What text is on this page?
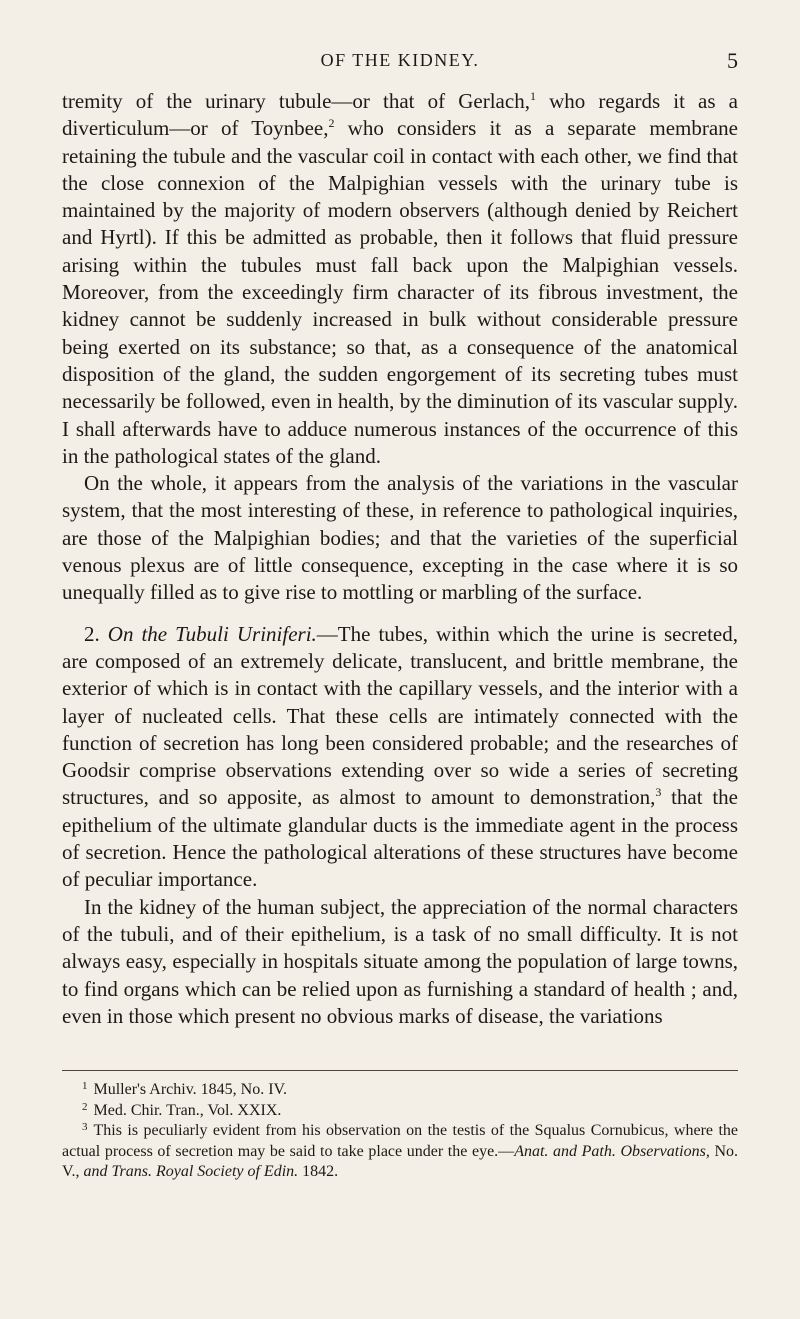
OF THE KIDNEY.	5

tremity of the urinary tubule—or that of Gerlach,$^1$ who regards it as a diverticulum—or of Toynbee,$^2$ who considers it as a separate membrane retaining the tubule and the vascular coil in contact with each other, we find that the close connexion of the Malpighian vessels with the urinary tube is maintained by the majority of modern observers (although denied by Reichert and Hyrtl). If this be admitted as probable, then it follows that fluid pressure arising within the tubules must fall back upon the Malpighian vessels. Moreover, from the exceedingly firm character of its fibrous investment, the kidney cannot be suddenly increased in bulk without considerable pressure being exerted on its substance; so that, as a consequence of the anatomical disposition of the gland, the sudden engorgement of its secreting tubes must necessarily be followed, even in health, by the diminution of its vascular supply. I shall afterwards have to adduce numerous instances of the occurrence of this in the pathological states of the gland.

On the whole, it appears from the analysis of the variations in the vascular system, that the most interesting of these, in reference to pathological inquiries, are those of the Malpighian bodies; and that the varieties of the superficial venous plexus are of little consequence, excepting in the case where it is so unequally filled as to give rise to mottling or marbling of the surface.

2. On the Tubuli Uriniferi.—The tubes, within which the urine is secreted, are composed of an extremely delicate, translucent, and brittle membrane, the exterior of which is in contact with the capillary vessels, and the interior with a layer of nucleated cells. That these cells are intimately connected with the function of secretion has long been considered probable; and the researches of Goodsir comprise observations extending over so wide a series of secreting structures, and so apposite, as almost to amount to demonstration,$^3$ that the epithelium of the ultimate glandular ducts is the immediate agent in the process of secretion. Hence the pathological alterations of these structures have become of peculiar importance.

In the kidney of the human subject, the appreciation of the normal characters of the tubuli, and of their epithelium, is a task of no small difficulty. It is not always easy, especially in hospitals situate among the population of large towns, to find organs which can be relied upon as furnishing a standard of health ; and, even in those which present no obvious marks of disease, the variations

$^1$ Muller's Archiv. 1845, No. IV.

$^2$ Med. Chir. Tran., Vol. XXIX.

$^3$ This is peculiarly evident from his observation on the testis of the Squalus Cornubicus, where the actual process of secretion may be said to take place under the eye.—Anat. and Path. Observations, No. V., and Trans. Royal Society of Edin. 1842.
